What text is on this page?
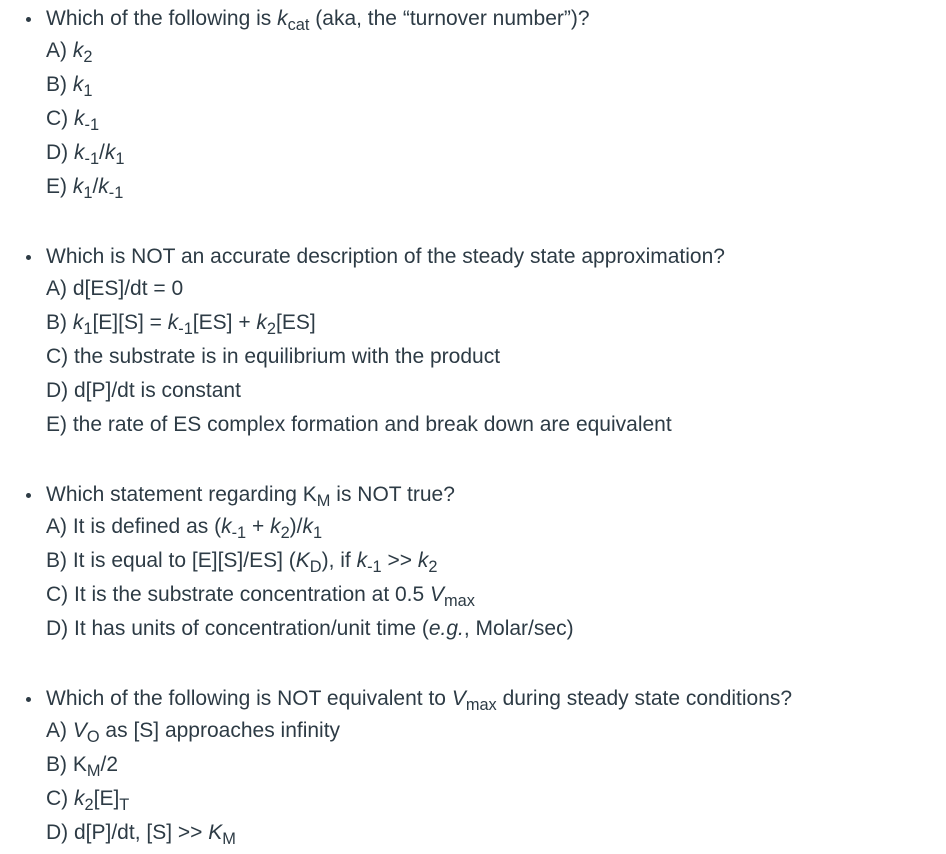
Which of the following is $k_{cat}$ (aka, the “turnover number”)?
A) $k_2$
B) $k_1$
C) $k_{-1}$
D) $k_{-1}/k_1$
E) $k_1/k_{-1}$
Which is NOT an accurate description of the steady state approximation?
A) d[ES]/dt = 0
B) $k_1[E][S] = k_{-1}[ES] + k_2[ES]$
C) the substrate is in equilibrium with the product
D) d[P]/dt is constant
E) the rate of ES complex formation and break down are equivalent
Which statement regarding $K_M$ is NOT true?
A) It is defined as $(k_{-1} + k_2)/k_1$
B) It is equal to [E][S]/ES] $(K_D)$, if $k_{-1} >> k_2$
C) It is the substrate concentration at 0.5 $V_{max}$
D) It has units of concentration/unit time (e.g., Molar/sec)
Which of the following is NOT equivalent to $V_{max}$ during steady state conditions?
A) $V_O$ as [S] approaches infinity
B) $K_M/2$
C) $k_2[E]_T$
D) d[P]/dt, $[S] >> K_M$
